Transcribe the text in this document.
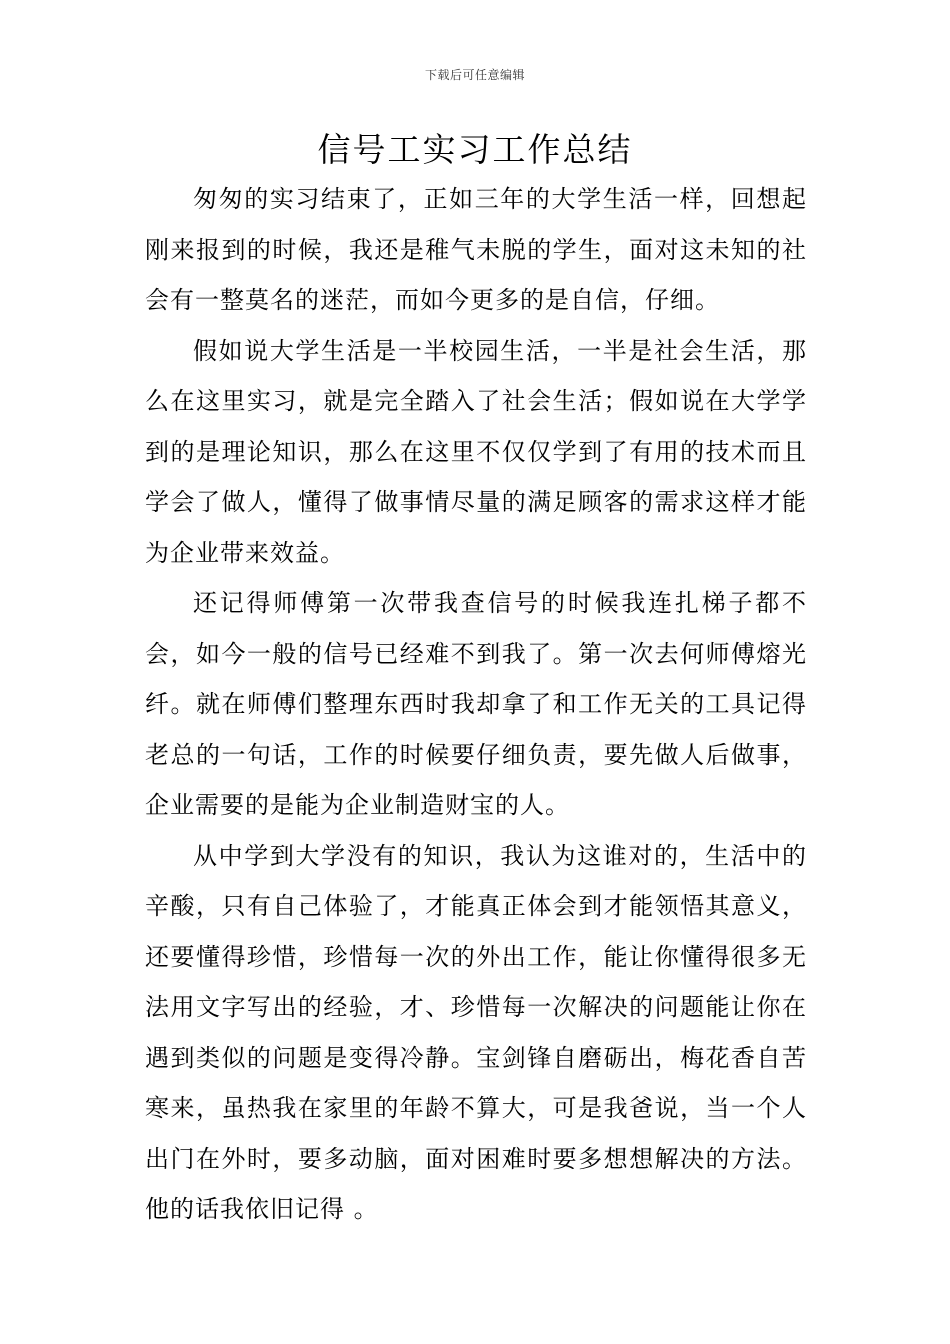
下载后可任意编辑
信号工实习工作总结

匆匆的实习结束了，正如三年的大学生活一样，回想起刚来报到的时候，我还是稚气未脱的学生，面对这未知的社会有一整莫名的迷茫，而如今更多的是自信，仔细。

假如说大学生活是一半校园生活，一半是社会生活，那么在这里实习，就是完全踏入了社会生活；假如说在大学学到的是理论知识，那么在这里不仅仅学到了有用的技术而且学会了做人，懂得了做事情尽量的满足顾客的需求这样才能为企业带来效益。

还记得师傅第一次带我查信号的时候我连扎梯子都不会，如今一般的信号已经难不到我了。第一次去何师傅熔光纤。就在师傅们整理东西时我却拿了和工作无关的工具记得老总的一句话，工作的时候要仔细负责，要先做人后做事，企业需要的是能为企业制造财宝的人。

从中学到大学没有的知识，我认为这谁对的，生活中的辛酸，只有自己体验了，才能真正体会到才能领悟其意义，还要懂得珍惜，珍惜每一次的外出工作，能让你懂得很多无法用文字写出的经验，才、珍惜每一次解决的问题能让你在遇到类似的问题是变得冷静。宝剑锋自磨砺出，梅花香自苦寒来，虽热我在家里的年龄不算大，可是我爸说，当一个人出门在外时，要多动脑，面对困难时要多想想解决的方法。他的话我依旧记得 。
